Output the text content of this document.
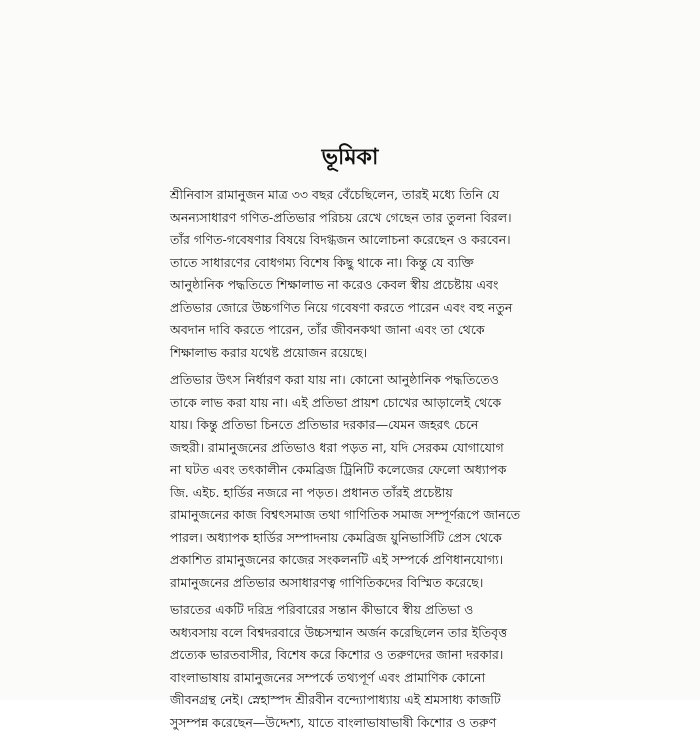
ভূমিকা

শ্রীনিবাস রামানুজন মাত্র ৩৩ বছর বেঁচেছিলেন, তারই মধ্যে তিনি যে
অনন্যসাধারণ গণিত-প্রতিভার পরিচয় রেখে গেছেন তার তুলনা বিরল।
তাঁর গণিত-গবেষণার বিষয়ে বিদগ্ধজন আলোচনা করেছেন ও করবেন।
তাতে সাধারণের বোধগম্য বিশেষ কিছু থাকে না। কিন্তু যে ব্যক্তি
আনুষ্ঠানিক পদ্ধতিতে শিক্ষালাভ না করেও কেবল স্বীয় প্রচেষ্টায় এবং
প্রতিভার জোরে উচ্চগণিত নিয়ে গবেষণা করতে পারেন এবং বহু নতুন
অবদান দাবি করতে পারেন, তাঁর জীবনকথা জানা এবং তা থেকে
শিক্ষালাভ করার যথেষ্ট প্রয়োজন রয়েছে।

প্রতিভার উৎস নির্ধারণ করা যায় না। কোনো আনুষ্ঠানিক পদ্ধতিতেও
তাকে লাভ করা যায় না। এই প্রতিভা প্রায়শ চোখের আড়ালেই থেকে
যায়। কিন্তু প্রতিভা চিনতে প্রতিভার দরকার—যেমন জহরৎ চেনে
জহুরী। রামানুজনের প্রতিভাও ধরা পড়ত না, যদি সেরকম যোগাযোগ
না ঘটত এবং তৎকালীন কেমব্রিজ ট্রিনিটি কলেজের ফেলো অধ্যাপক
জি. এইচ. হার্ডির নজরে না পড়ত। প্রধানত তাঁরই প্রচেষ্টায়
রামানুজনের কাজ বিশ্বৎসমাজ তথা গাণিতিক সমাজ সম্পূর্ণরূপে জানতে
পারল। অধ্যাপক হার্ডির সম্পাদনায় কেমব্রিজ য়ুনিভার্সিটি প্রেস থেকে
প্রকাশিত রামানুজনের কাজের সংকলনটি এই সম্পর্কে প্রণিধানযোগ্য।
রামানুজনের প্রতিভার অসাধারণত্ব গাণিতিকদের বিস্মিত করেছে।

ভারতের একটি দরিদ্র পরিবারের সন্তান কীভাবে স্বীয় প্রতিভা ও
অধ্যবসায় বলে বিশ্বদরবারে উচ্চসম্মান অর্জন করেছিলেন তার ইতিবৃত্ত
প্রত্যেক ভারতবাসীর, বিশেষ করে কিশোর ও তরুণদের জানা দরকার।
বাংলাভাষায় রামানুজনের সম্পর্কে তথ্যপূর্ণ এবং প্রামাণিক কোনো
জীবনগ্রন্থ নেই। স্নেহাস্পদ শ্রীরবীন বন্দ্যোপাধ্যায় এই শ্রমসাধ্য কাজটি
সুসম্পন্ন করেছেন—উদ্দেশ্য, যাতে বাংলাভাষাভাষী কিশোর ও তরুণ
